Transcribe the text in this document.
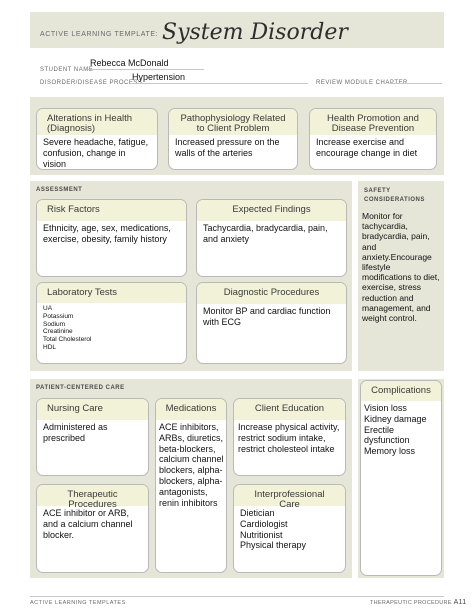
ACTIVE LEARNING TEMPLATE: System Disorder
STUDENT NAME
Rebecca McDonald
DISORDER/DISEASE PROCESS
Hypertension
REVIEW MODULE CHAPTER
Alterations in Health (Diagnosis)
Severe headache, fatigue, confusion, change in vision
Pathophysiology Related to Client Problem
Increased pressure on the walls of the arteries
Health Promotion and Disease Prevention
Increase exercise and encourage change in diet
ASSESSMENT
Risk Factors
Ethnicity, age, sex, medications, exercise, obesity, family history
Expected Findings
Tachycardia, bradycardia, pain, and anxiety
Laboratory Tests
UA
Potassium
Sodium
Creatinine
Total Cholesterol
HDL
Diagnostic Procedures
Monitor BP and cardiac function with ECG
SAFETY CONSIDERATIONS
Monitor for tachycardia, bradycardia, pain, and anxiety.Encourage lifestyle modifications to diet, exercise, stress reduction and management, and weight control.
PATIENT-CENTERED CARE
Nursing Care
Administered as prescribed
Medications
ACE inhibitors, ARBs, diuretics, beta-blockers, calcium channel blockers, alpha-blockers, alpha-antagonists, renin inhibitors
Client Education
Increase physical activity, restrict sodium intake, restrict cholesteol intake
Therapeutic Procedures
ACE inhibitor or ARB, and a calcium channel blocker.
Interprofessional Care
Dietician
Cardiologist
Nutritionist
Physical therapy
Complications
Vision loss
Kidney damage
Erectile dysfunction
Memory loss
ACTIVE LEARNING TEMPLATES	THERAPEUTIC PROCEDURE A11
